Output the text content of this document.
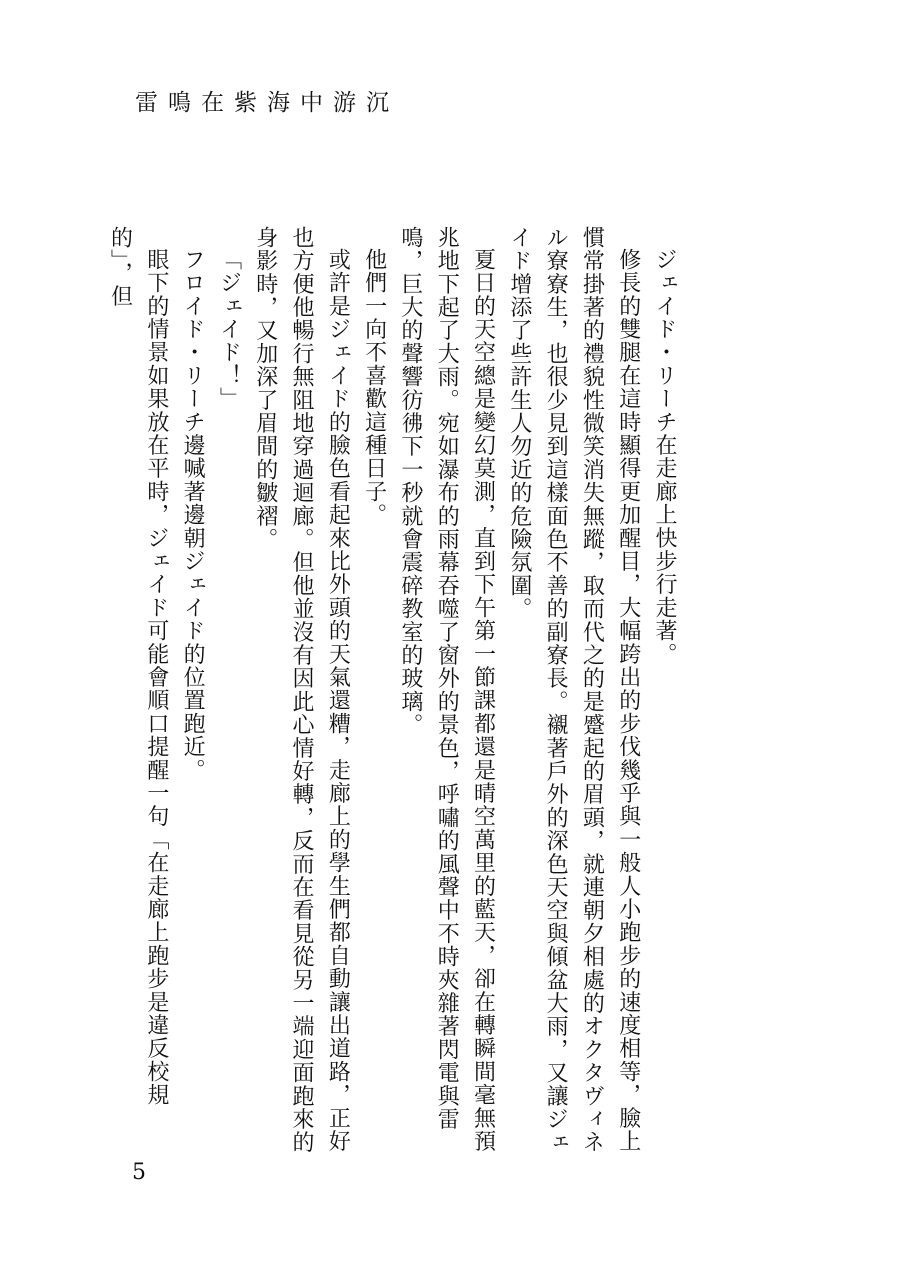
雷鳴在紫海中游沉

ジェイド・リーチ在走廊上快步行走著。

修長的雙腿在這時顯得更加醒目，大幅跨出的步伐幾乎與一般人小跑步的速度相等，臉上慣常掛著的禮貌性微笑消失無蹤，取而代之的是蹙起的眉頭，就連朝夕相處的オクタヴィネル寮寮生，也很少見到這樣面色不善的副寮長。襯著戶外的深色天空與傾盆大雨，又讓ジェイド增添了些許生人勿近的危險氛圍。

夏日的天空總是變幻莫測，直到下午第一節課都還是晴空萬里的藍天，卻在轉瞬間毫無預兆地下起了大雨。宛如瀑布的雨幕吞噬了窗外的景色，呼嘯的風聲中不時夾雜著閃電與雷鳴，巨大的聲響彷彿下一秒就會震碎教室的玻璃。

他們一向不喜歡這種日子。

或許是ジェイド的臉色看起來比外頭的天氣還糟，走廊上的學生們都自動讓出道路，正好也方便他暢行無阻地穿過迴廊。但他並沒有因此心情好轉，反而在看見從另一端迎面跑來的身影時，又加深了眉間的皺褶。

「ジェイド！」

フロイド・リーチ邊喊著邊朝ジェイド的位置跑近。

眼下的情景如果放在平時，ジェイド可能會順口提醒一句「在走廊上跑步是違反校規的」，但

5
